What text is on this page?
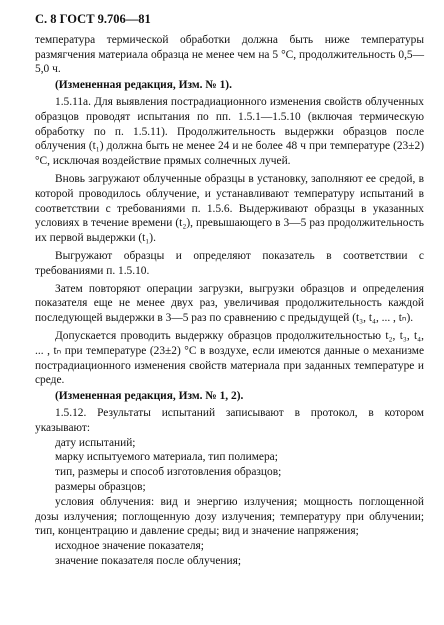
С. 8 ГОСТ 9.706—81

температура термической обработки должна быть ниже температуры размягчения материала образца не менее чем на 5 °С, продолжительность 0,5—5,0 ч.

(Измененная редакция, Изм. № 1).

1.5.11а. Для выявления пострадиационного изменения свойств облученных образцов проводят испытания по пп. 1.5.1—1.5.10 (включая термическую обработку по п. 1.5.11). Продолжительность выдержки образцов после облучения (t₁) должна быть не менее 24 и не более 48 ч при температуре (23±2) °С, исключая воздействие прямых солнечных лучей.

Вновь загружают облученные образцы в установку, заполняют ее средой, в которой проводилось облучение, и устанавливают температуру испытаний в соответствии с требованиями п. 1.5.6. Выдерживают образцы в указанных условиях в течение времени (t₂), превышающего в 3—5 раз продолжительность их первой выдержки (t₁).

Выгружают образцы и определяют показатель в соответствии с требованиями п. 1.5.10.

Затем повторяют операции загрузки, выгрузки образцов и определения показателя еще не менее двух раз, увеличивая продолжительность каждой последующей выдержки в 3—5 раз по сравнению с предыдущей (t₃, t₄, ... , tₙ).

Допускается проводить выдержку образцов продолжительностью t₂, t₃, t₄, ... , tₙ при температуре (23±2) °С в воздухе, если имеются данные о механизме пострадиационного изменения свойств материала при заданных температуре и среде.

(Измененная редакция, Изм. № 1, 2).

1.5.12. Результаты испытаний записывают в протокол, в котором указывают:

дату испытаний;

марку испытуемого материала, тип полимера;

тип, размеры и способ изготовления образцов;

размеры образцов;

условия облучения: вид и энергию излучения; мощность поглощенной дозы излучения; поглощенную дозу излучения; температуру при облучении; тип, концентрацию и давление среды; вид и значение напряжения;

исходное значение показателя;

значение показателя после облучения;
